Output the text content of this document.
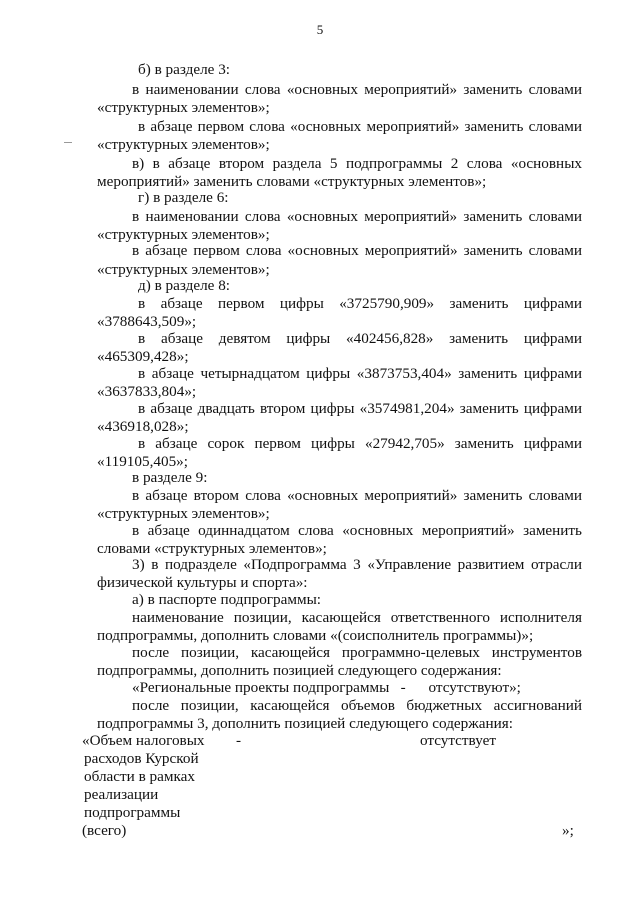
5
б) в разделе 3:
в наименовании слова «основных мероприятий» заменить словами
«структурных элементов»;
в абзаце первом слова «основных мероприятий» заменить словами
«структурных элементов»;
в) в абзаце втором раздела 5 подпрограммы 2 слова «основных
мероприятий» заменить словами «структурных элементов»;
г) в разделе 6:
в наименовании слова «основных мероприятий» заменить словами
«структурных элементов»;
в абзаце первом слова «основных мероприятий» заменить словами
«структурных элементов»;
д) в разделе 8:
в абзаце первом цифры «3725790,909» заменить цифрами
«3788643,509»;
в абзаце девятом цифры «402456,828» заменить цифрами
«465309,428»;
в абзаце четырнадцатом цифры «3873753,404» заменить цифрами
«3637833,804»;
в абзаце двадцать втором цифры «3574981,204» заменить цифрами
«436918,028»;
в абзаце сорок первом цифры «27942,705» заменить цифрами
«119105,405»;
в разделе 9:
в абзаце втором слова «основных мероприятий» заменить словами
«структурных элементов»;
в абзаце одиннадцатом слова «основных мероприятий» заменить
словами «структурных элементов»;
3) в подразделе «Подпрограмма 3 «Управление развитием отрасли
физической культуры и спорта»:
а) в паспорте подпрограммы:
наименование позиции, касающейся ответственного исполнителя
подпрограммы, дополнить словами «(соисполнитель программы)»;
после позиции, касающейся программно-целевых инструментов
подпрограммы, дополнить позицией следующего содержания:
«Региональные проекты подпрограммы   -      отсутствуют»;
после позиции, касающейся объемов бюджетных ассигнований
подпрограммы 3, дополнить позицией следующего содержания:
«Объем налоговых
расходов Курской
области в рамках
реализации
подпрограммы
(всего)
-	отсутствует
»;
